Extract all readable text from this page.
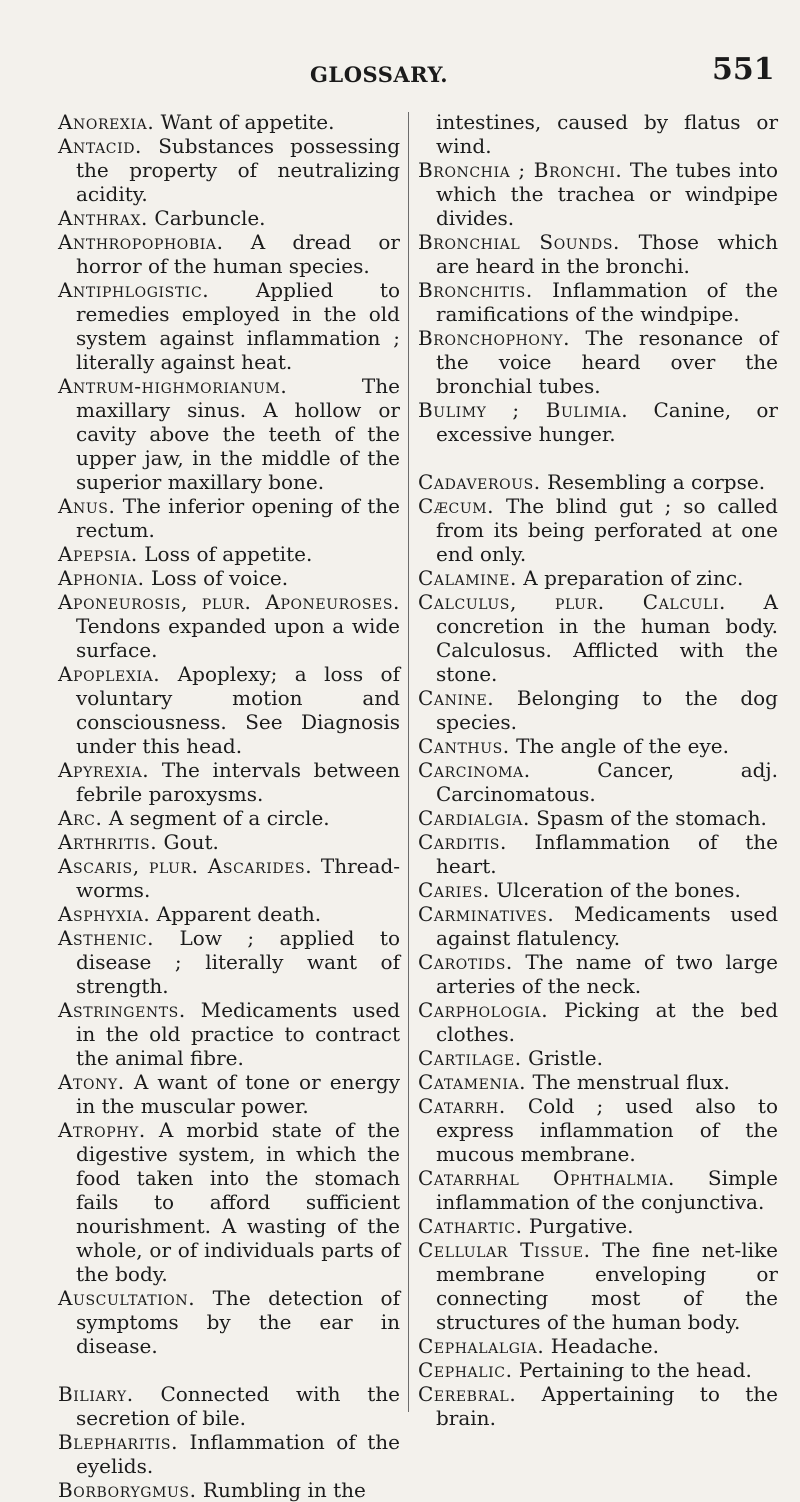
GLOSSARY.	551

Anorexia. Want of appetite.

Antacid. Substances possessing the property of neutralizing acidity.

Anthrax. Carbuncle.

Anthropophobia. A dread or horror of the human species.

Antiphlogistic. Applied to remedies employed in the old system against inflammation ; literally against heat.

Antrum-highmorianum. The maxillary sinus. A hollow or cavity above the teeth of the upper jaw, in the middle of the superior maxillary bone.

Anus. The inferior opening of the rectum.

Apepsia. Loss of appetite.

Aphonia. Loss of voice.

Aponeurosis, plur. Aponeuroses. Tendons expanded upon a wide surface.

Apoplexia. Apoplexy; a loss of voluntary motion and consciousness. See Diagnosis under this head.

Apyrexia. The intervals between febrile paroxysms.

Arc. A segment of a circle.

Arthritis. Gout.

Ascaris, plur. Ascarides. Thread-worms.

Asphyxia. Apparent death.

Asthenic. Low ; applied to disease ; literally want of strength.

Astringents. Medicaments used in the old practice to contract the animal fibre.

Atony. A want of tone or energy in the muscular power.

Atrophy. A morbid state of the digestive system, in which the food taken into the stomach fails to afford sufficient nourishment. A wasting of the whole, or of individuals parts of the body.

Auscultation. The detection of symptoms by the ear in disease.

Biliary. Connected with the secretion of bile.

Blepharitis. Inflammation of the eyelids.

Borborygmus. Rumbling in the

intestines, caused by flatus or wind.

Bronchia ; Bronchi. The tubes into which the trachea or windpipe divides.

Bronchial Sounds. Those which are heard in the bronchi.

Bronchitis. Inflammation of the ramifications of the windpipe.

Bronchophony. The resonance of the voice heard over the bronchial tubes.

Bulimy ; Bulimia. Canine, or excessive hunger.

Cadaverous. Resembling a corpse.

Cæcum. The blind gut ; so called from its being perforated at one end only.

Calamine. A preparation of zinc.

Calculus, plur. Calculi. A concretion in the human body. Calculosus. Afflicted with the stone.

Canine. Belonging to the dog species.

Canthus. The angle of the eye.

Carcinoma. Cancer, adj. Carcinomatous.

Cardialgia. Spasm of the stomach.

Carditis. Inflammation of the heart.

Caries. Ulceration of the bones.

Carminatives. Medicaments used against flatulency.

Carotids. The name of two large arteries of the neck.

Carphologia. Picking at the bed clothes.

Cartilage. Gristle.

Catamenia. The menstrual flux.

Catarrh. Cold ; used also to express inflammation of the mucous membrane.

Catarrhal Ophthalmia. Simple inflammation of the conjunctiva.

Cathartic. Purgative.

Cellular Tissue. The fine net-like membrane enveloping or connecting most of the structures of the human body.

Cephalalgia. Headache.

Cephalic. Pertaining to the head.

Cerebral. Appertaining to the brain.
